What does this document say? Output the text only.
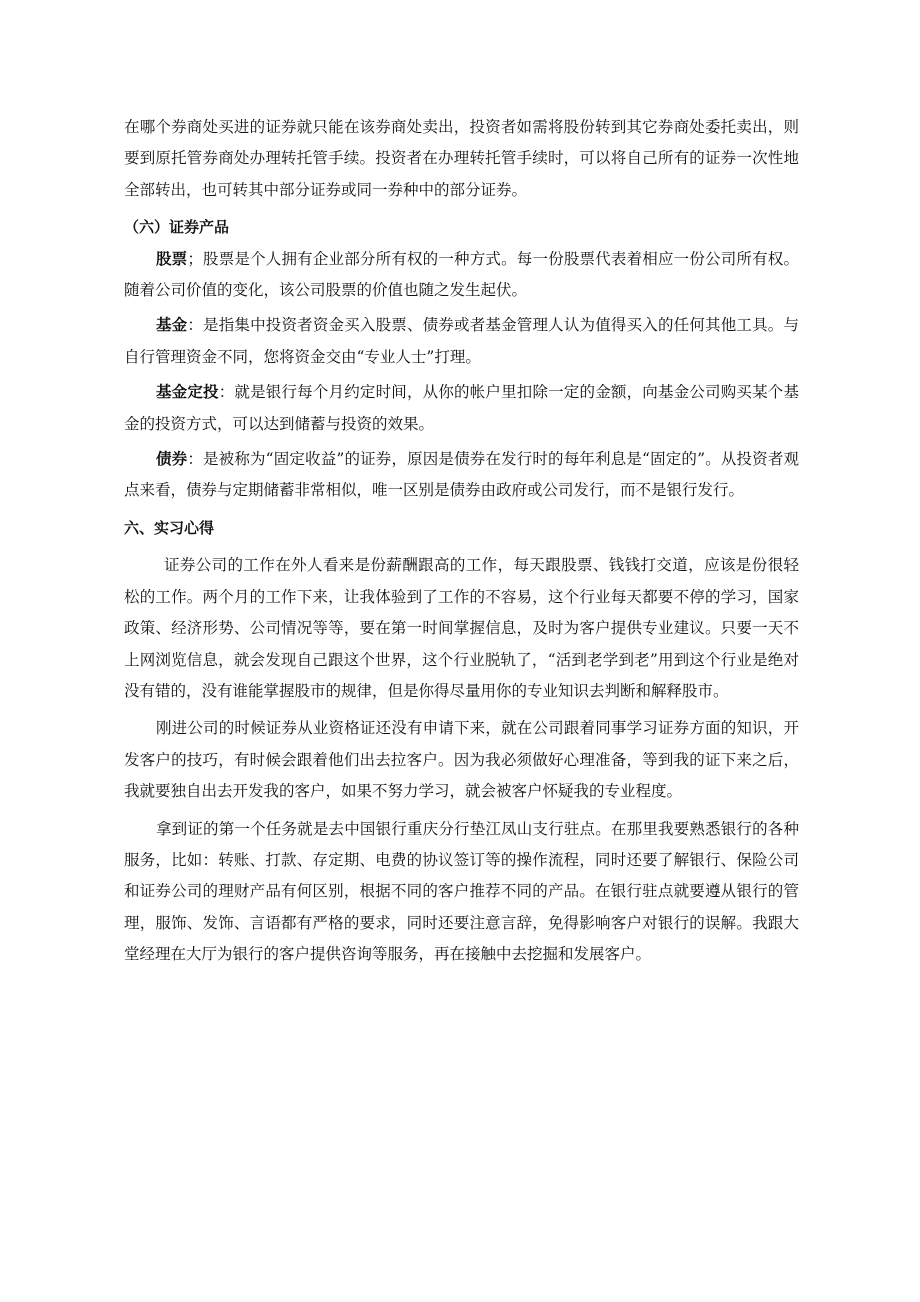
在哪个券商处买进的证券就只能在该券商处卖出，投资者如需将股份转到其它券商处委托卖出，则要到原托管券商处办理转托管手续。投资者在办理转托管手续时，可以将自己所有的证券一次性地全部转出，也可转其中部分证券或同一券种中的部分证券。

（六）证券产品

股票；股票是个人拥有企业部分所有权的一种方式。每一份股票代表着相应一份公司所有权。随着公司价值的变化，该公司股票的价值也随之发生起伏。

基金：是指集中投资者资金买入股票、债券或者基金管理人认为值得买入的任何其他工具。与自行管理资金不同，您将资金交由“专业人士”打理。

基金定投：就是银行每个月约定时间，从你的帐户里扣除一定的金额，向基金公司购买某个基金的投资方式，可以达到储蓄与投资的效果。

债券：是被称为“固定收益”的证券，原因是债券在发行时的每年利息是“固定的”。从投资者观点来看，债券与定期储蓄非常相似，唯一区别是债券由政府或公司发行，而不是银行发行。

六、实习心得

证券公司的工作在外人看来是份薪酬跟高的工作，每天跟股票、钱钱打交道，应该是份很轻松的工作。两个月的工作下来，让我体验到了工作的不容易，这个行业每天都要不停的学习，国家政策、经济形势、公司情况等等，要在第一时间掌握信息，及时为客户提供专业建议。只要一天不上网浏览信息，就会发现自己跟这个世界，这个行业脱轨了，“活到老学到老”用到这个行业是绝对没有错的，没有谁能掌握股市的规律，但是你得尽量用你的专业知识去判断和解释股市。

刚进公司的时候证券从业资格证还没有申请下来，就在公司跟着同事学习证券方面的知识，开发客户的技巧，有时候会跟着他们出去拉客户。因为我必须做好心理准备，等到我的证下来之后，我就要独自出去开发我的客户，如果不努力学习，就会被客户怀疑我的专业程度。

拿到证的第一个任务就是去中国银行重庆分行垫江凤山支行驻点。在那里我要熟悉银行的各种服务，比如：转账、打款、存定期、电费的协议签订等的操作流程，同时还要了解银行、保险公司和证券公司的理财产品有何区别，根据不同的客户推荐不同的产品。在银行驻点就要遵从银行的管理，服饰、发饰、言语都有严格的要求，同时还要注意言辞，免得影响客户对银行的误解。我跟大堂经理在大厅为银行的客户提供咨询等服务，再在接触中去挖掘和发展客户。
